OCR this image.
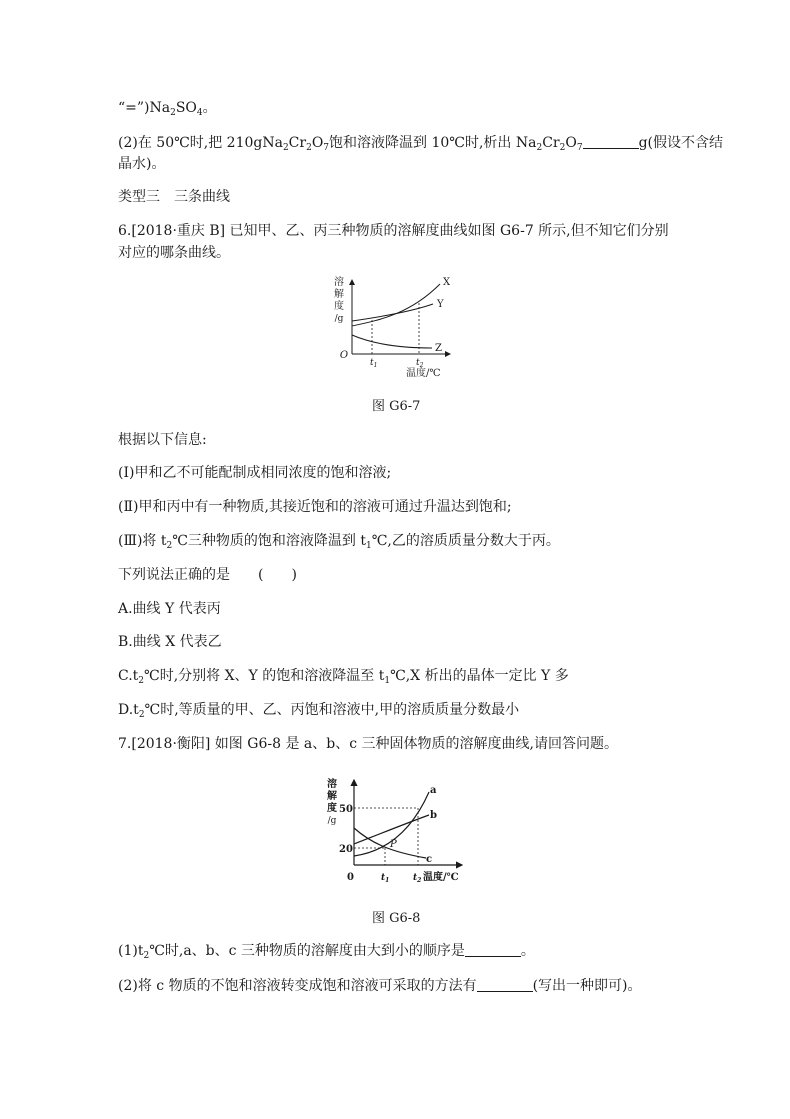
“$=”)Na_2SO_4$。
(2)在 50℃时,把 $210gNa_2Cr_2O_7$饱和溶液降温到 10℃时,析出 $Na_2Cr_2O_7$	g(假设不含结
晶水)。
类型三　三条曲线
6.[2018·重庆 B] 已知甲、乙、丙三种物质的溶解度曲线如图 G6-7 所示,但不知它们分别
对应的哪条曲线。
溶
解
度
/g
O
X
Y
Z
$t_1$	$t_2$
温度/℃
图 G6-7
根据以下信息:
(Ⅰ)甲和乙不可能配制成相同浓度的饱和溶液;
(Ⅱ)甲和丙中有一种物质,其接近饱和的溶液可通过升温达到饱和;
(Ⅲ)将 $t_2℃$三种物质的饱和溶液降温到 $t_1℃$,乙的溶质质量分数大于丙。
下列说法正确的是　　(　　)
A.曲线 Y 代表丙
B.曲线 X 代表乙
$C.t_2℃$时,分别将 X、Y 的饱和溶液降温至 $t_1℃,X$ 析出的晶体一定比 Y 多
$D.t_2℃$时,等质量的甲、乙、丙饱和溶液中,甲的溶质质量分数最小
7.[2018·衡阳] 如图 G6-8 是 a、b、c 三种固体物质的溶解度曲线,请回答问题。
溶
解
度
/g
50
20
0
a
b
c
P
$t_1$	$t_2$ 温度/℃
图 G6-8
$(1)t_2℃$时,a、b、c 三种物质的溶解度由大到小的顺序是	。
(2)将 c 物质的不饱和溶液转变成饱和溶液可采取的方法有	(写出一种即可)。
